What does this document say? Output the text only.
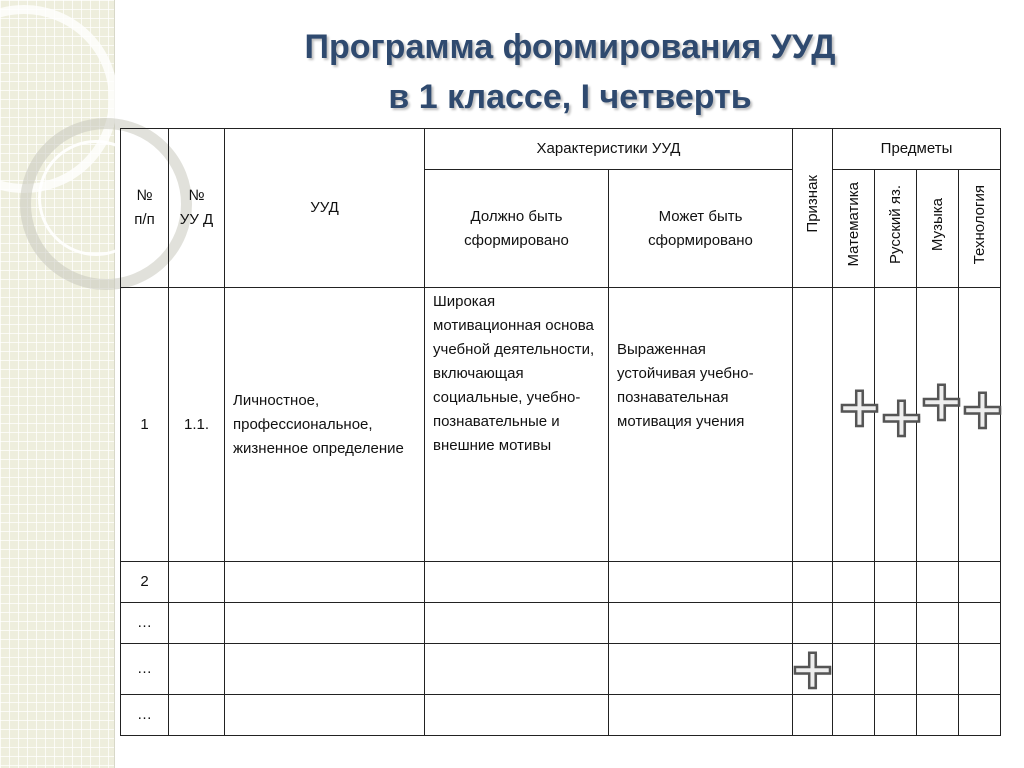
Программа формирования УУД
в 1 классе, I четверть
№ п/п	№ УУ Д	УУД	Характеристики УУД		Признак	Предметы			
			Должно быть сформировано	Может быть сформировано		Математика	Русский яз.	Музыка	Технология
1	1.1.	Личностное, профессиональное, жизненное определение	Широкая мотивационная основа учебной деятельности, включающая социальные, учебно-познавательные и внешние мотивы	Выраженная устойчивая учебно-познавательная мотивация учения		+	+	+	+

2									
…									
…					+				

…									
